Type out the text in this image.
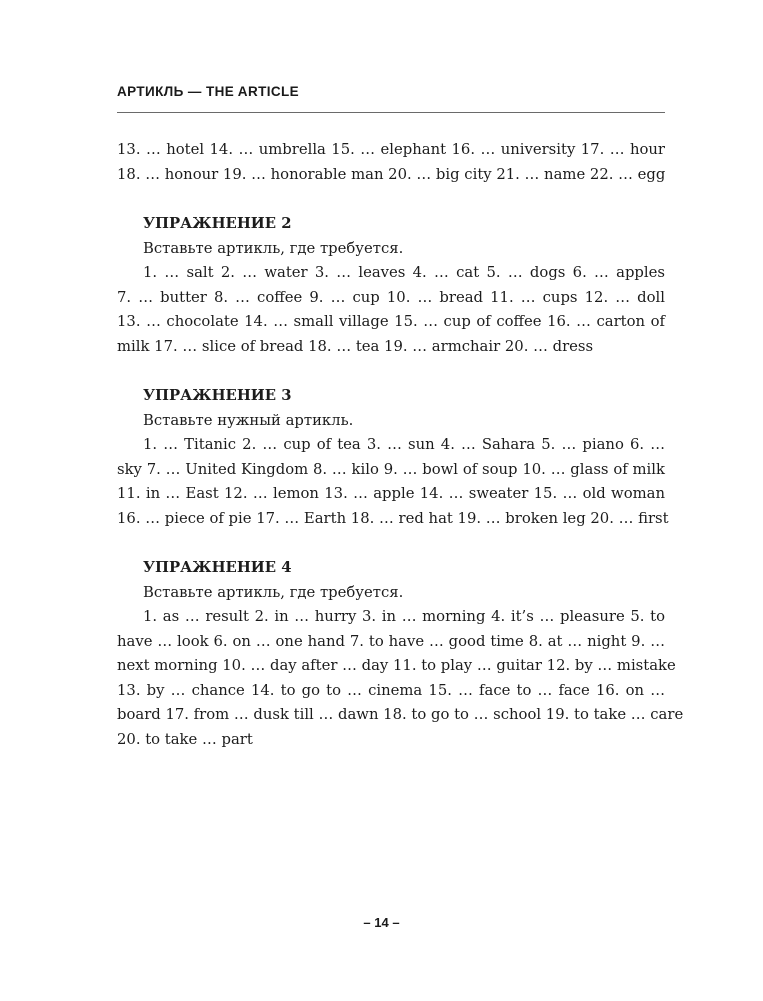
АРТИКЛЬ — THE ARTICLE
13. … hotel 14. … umbrella 15. … elephant 16. … university 17. … hour
18. … honour 19. … honorable man 20. … big city 21. … name 22. … egg
УПРАЖНЕНИЕ 2
Вставьте артикль, где требуется.
1. … salt 2. … water 3. … leaves 4. … cat 5. … dogs 6. … apples
7. … butter 8. … coffee 9. … cup 10. … bread 11. … cups 12. … doll
13. … chocolate 14. … small village 15. … cup of coffee 16. … carton of
milk 17. … slice of bread 18. … tea 19. … armchair 20. … dress
УПРАЖНЕНИЕ 3
Вставьте нужный артикль.
1. … Titanic 2. … cup of tea 3. … sun 4. … Sahara 5. … piano 6. …
sky 7. … United Kingdom 8. … kilo 9. … bowl of soup 10. … glass of milk
11. in … East 12. … lemon 13. … apple 14. … sweater 15. … old woman
16. … piece of pie 17. … Earth 18. … red hat 19. … broken leg 20. … first
УПРАЖНЕНИЕ 4
Вставьте артикль, где требуется.
1. as … result 2. in … hurry 3. in … morning 4. it’s … pleasure 5. to
have … look 6. on … one hand 7. to have … good time 8. at … night 9. …
next morning 10. … day after … day 11. to play … guitar 12. by … mistake
13. by … chance 14. to go to … cinema 15. … face to … face 16. on …
board 17. from … dusk till … dawn 18. to go to … school 19. to take … care
20. to take … part
– 14 –
